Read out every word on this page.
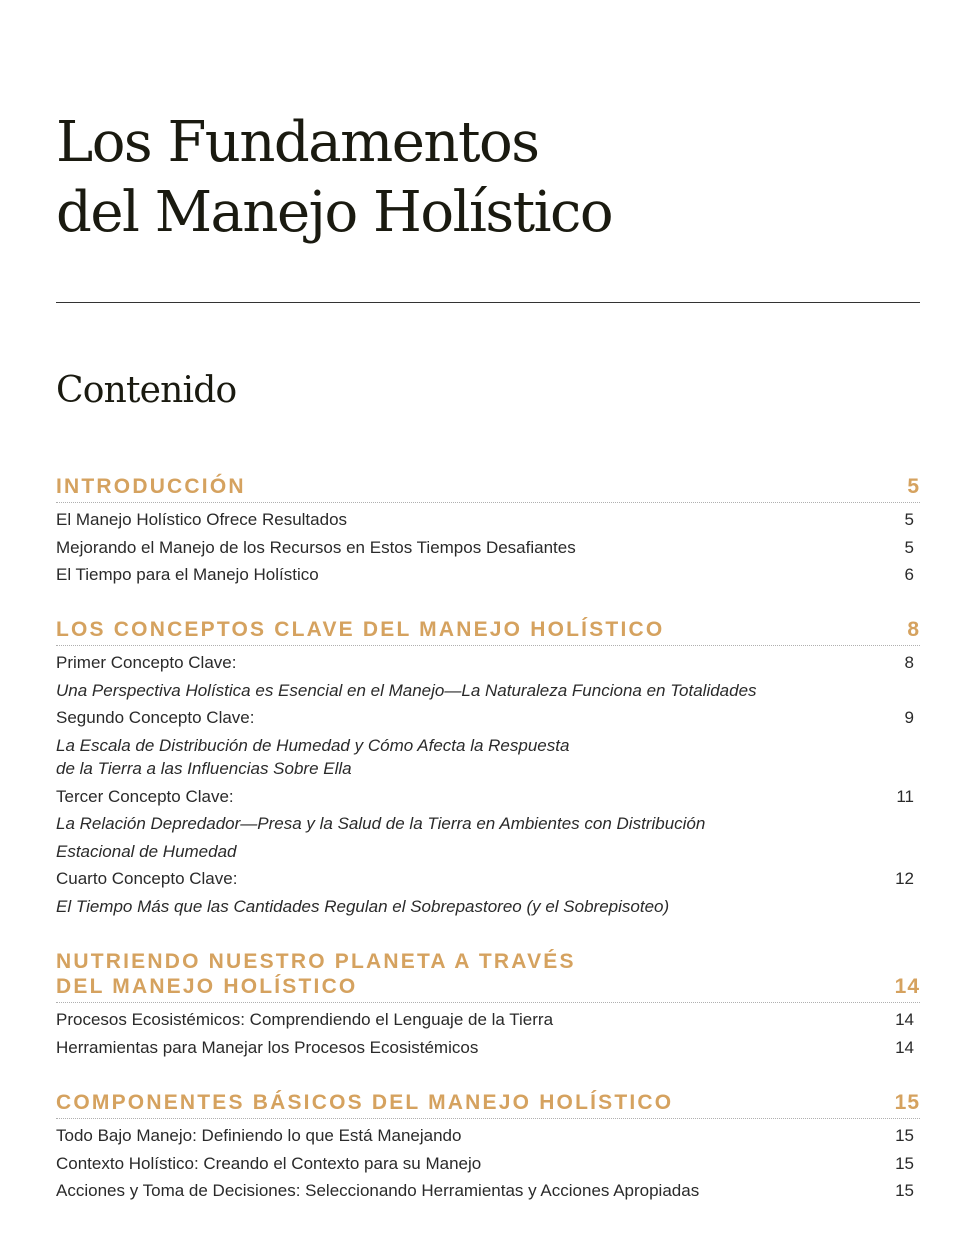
Los Fundamentos
del Manejo Holístico
Contenido
INTRODUCCIÓN	5
El Manejo Holístico Ofrece Resultados	5
Mejorando el Manejo de los Recursos en Estos Tiempos Desafiantes	5
El Tiempo para el Manejo Holístico	6
LOS CONCEPTOS CLAVE DEL MANEJO HOLÍSTICO	8
Primer Concepto Clave:	8
Una Perspectiva Holística es Esencial en el Manejo—La Naturaleza Funciona en Totalidades
Segundo Concepto Clave:	9
La Escala de Distribución de Humedad y Cómo Afecta la Respuesta
de la Tierra a las Influencias Sobre Ella
Tercer Concepto Clave:	11
La Relación Depredador—Presa y la Salud de la Tierra en Ambientes con Distribución
Estacional de Humedad
Cuarto Concepto Clave:	12
El Tiempo Más que las Cantidades Regulan el Sobrepastoreo (y el Sobrepisoteo)
NUTRIENDO NUESTRO PLANETA A TRAVÉS
DEL MANEJO HOLÍSTICO	14
Procesos Ecosistémicos: Comprendiendo el Lenguaje de la Tierra	14
Herramientas para Manejar los Procesos Ecosistémicos	14
COMPONENTES BÁSICOS DEL MANEJO HOLÍSTICO	15
Todo Bajo Manejo: Definiendo lo que Está Manejando	15
Contexto Holístico: Creando el Contexto para su Manejo	15
Acciones y Toma de Decisiones: Seleccionando Herramientas y Acciones Apropiadas	15
